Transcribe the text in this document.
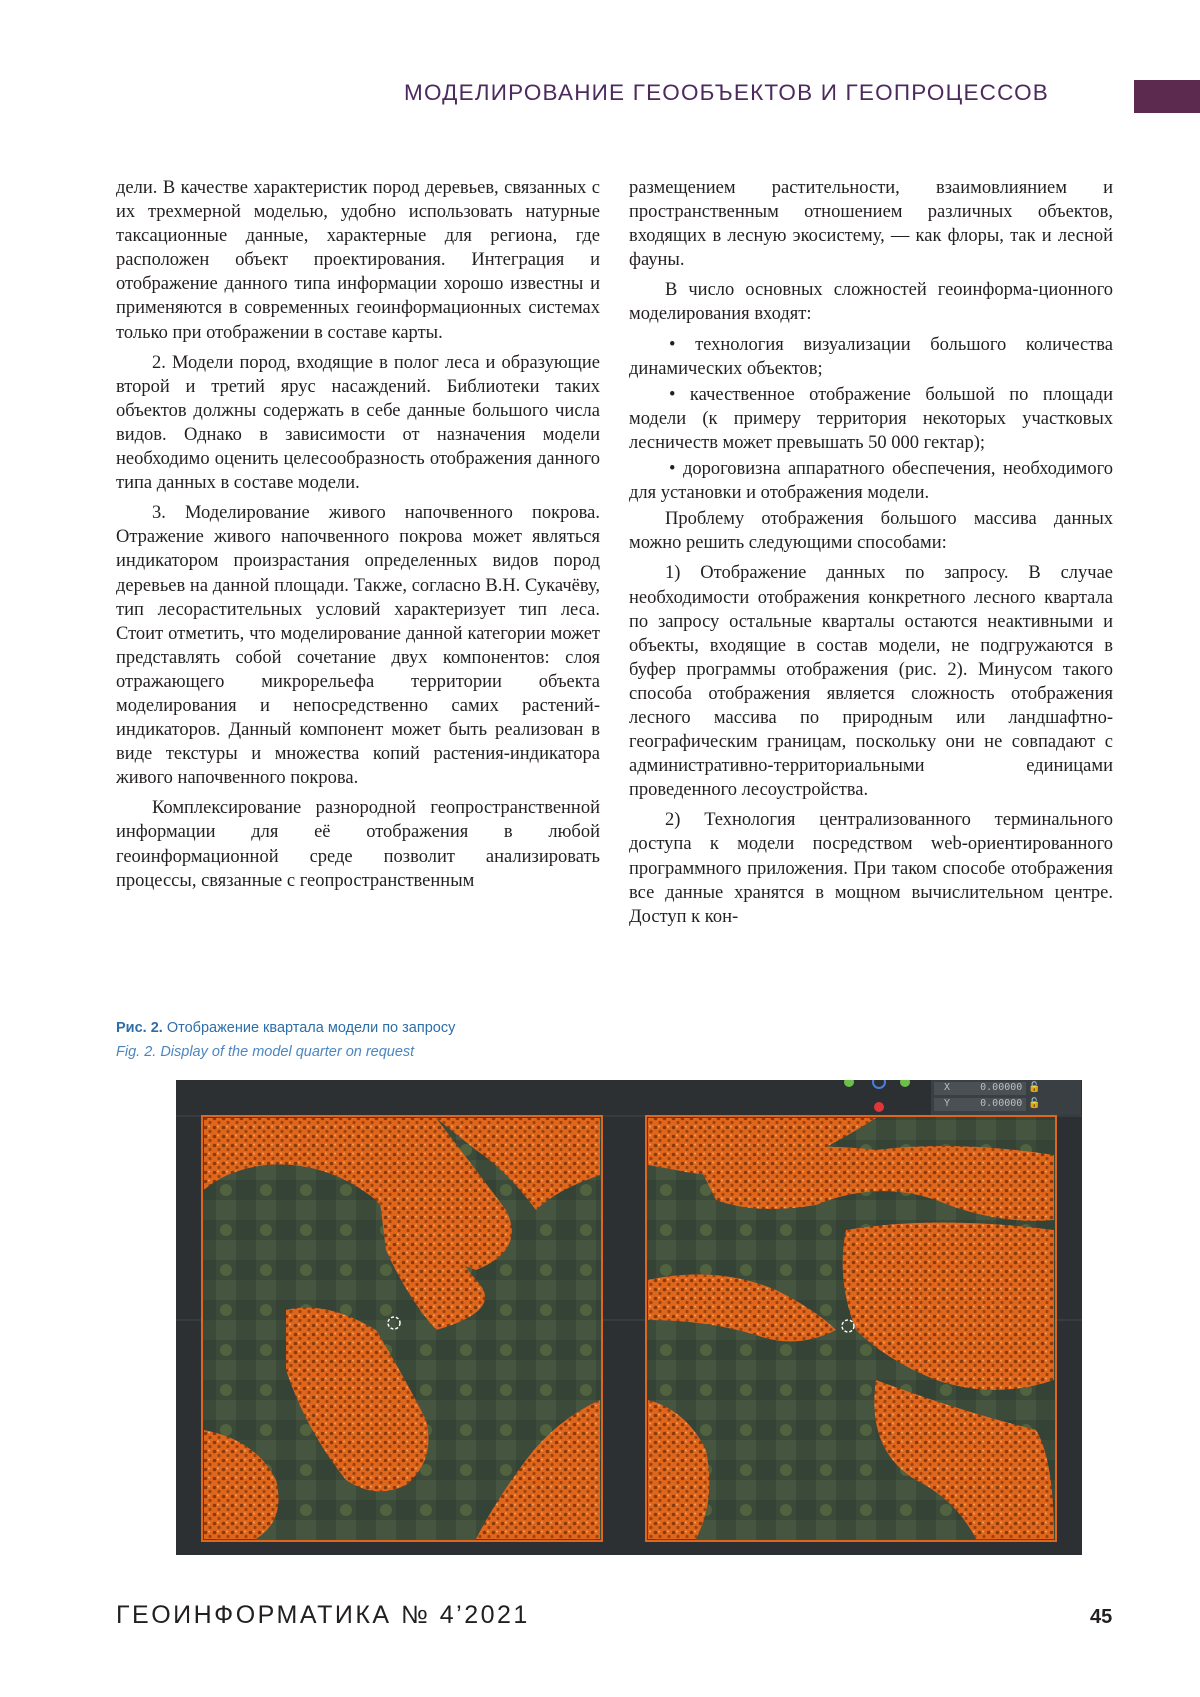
МОДЕЛИРОВАНИЕ ГЕООБЪЕКТОВ И ГЕОПРОЦЕССОВ

дели. В качестве характеристик пород деревьев, связанных с их трехмерной моделью, удобно использовать натурные таксационные данные, характерные для региона, где расположен объект проектирования. Интеграция и отображение данного типа информации хорошо известны и применяются в современных геоинформационных системах только при отображении в составе карты.

2. Модели пород, входящие в полог леса и образующие второй и третий ярус насаждений. Библиотеки таких объектов должны содержать в себе данные большого числа видов. Однако в зависимости от назначения модели необходимо оценить целесообразность отображения данного типа данных в составе модели.

3. Моделирование живого напочвенного покрова. Отражение живого напочвенного покрова может являться индикатором произрастания определенных видов пород деревьев на данной площади. Также, согласно В.Н. Сукачёву, тип лесорастительных условий характеризует тип леса. Стоит отметить, что моделирование данной категории может представлять собой сочетание двух компонентов: слоя отражающего микрорельефа территории объекта моделирования и непосредственно самих растений-индикаторов. Данный компонент может быть реализован в виде текстуры и множества копий растения-индикатора живого напочвенного покрова.

Комплексирование разнородной геопространственной информации для её отображения в любой геоинформационной среде позволит анализировать процессы, связанные с геопространственным

размещением растительности, взаимовлиянием и пространственным отношением различных объектов, входящих в лесную экосистему, — как флоры, так и лесной фауны.

В число основных сложностей геоинформа-ционного моделирования входят:

• технология визуализации большого количества динамических объектов;

• качественное отображение большой по площади модели (к примеру территория некоторых участковых лесничеств может превышать 50 000 гектар);

• дороговизна аппаратного обеспечения, необходимого для установки и отображения модели.

Проблему отображения большого массива данных можно решить следующими способами:

1) Отображение данных по запросу. В случае необходимости отображения конкретного лесного квартала по запросу остальные кварталы остаются неактивными и объекты, входящие в состав модели, не подгружаются в буфер программы отображения (рис. 2). Минусом такого способа отображения является сложность отображения лесного массива по природным или ландшафтно-географическим границам, поскольку они не совпадают с административно-территориальными единицами проведенного лесоустройства.

2) Технология централизованного терминального доступа к модели посредством web-ориентированного программного приложения. При таком способе отображения все данные хранятся в мощном вычислительном центре. Доступ к кон-

Рис. 2. Отображение квартала модели по запросу
Fig. 2. Display of the model quarter on request
X	0.00000 🔓
Y	0.00000 🔓
ГЕОИНФОРМАТИКА № 4’2021	45
